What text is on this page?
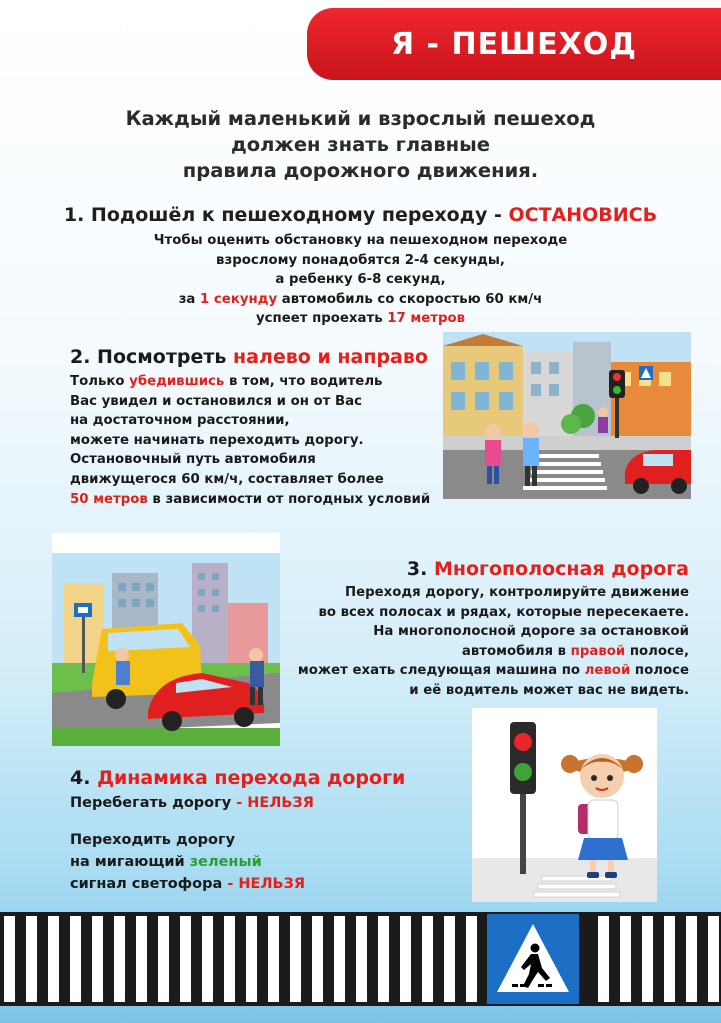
Я - ПЕШЕХОД
Каждый маленький и взрослый пешеход
должен знать главные
правила дорожного движения.
1. Подошёл к пешеходному переходу - ОСТАНОВИСЬ
Чтобы оценить обстановку на пешеходном переходе
взрослому понадобятся 2-4 секунды,
а ребенку 6-8 секунд,
за 1 секунду автомобиль со скоростью 60 км/ч
успеет проехать 17 метров
2. Посмотреть налево и направо
Только убедившись в том, что водитель
Вас увидел и остановился и он от Вас
на достаточном расстоянии,
можете начинать переходить дорогу.
Остановочный путь автомобиля
движущегося 60 км/ч, составляет более
50 метров в зависимости от погодных условий
3. Многополосная дорога
Переходя дорогу, контролируйте движение
во всех полосах и рядах, которые пересекаете.
На многополосной дороге за остановкой
автомобиля в правой полосе,
может ехать следующая машина по левой полосе
и её водитель может вас не видеть.
4. Динамика перехода дороги
Перебегать дорогу - НЕЛЬЗЯ
Переходить дорогу
на мигающий зеленый
сигнал светофора - НЕЛЬЗЯ
